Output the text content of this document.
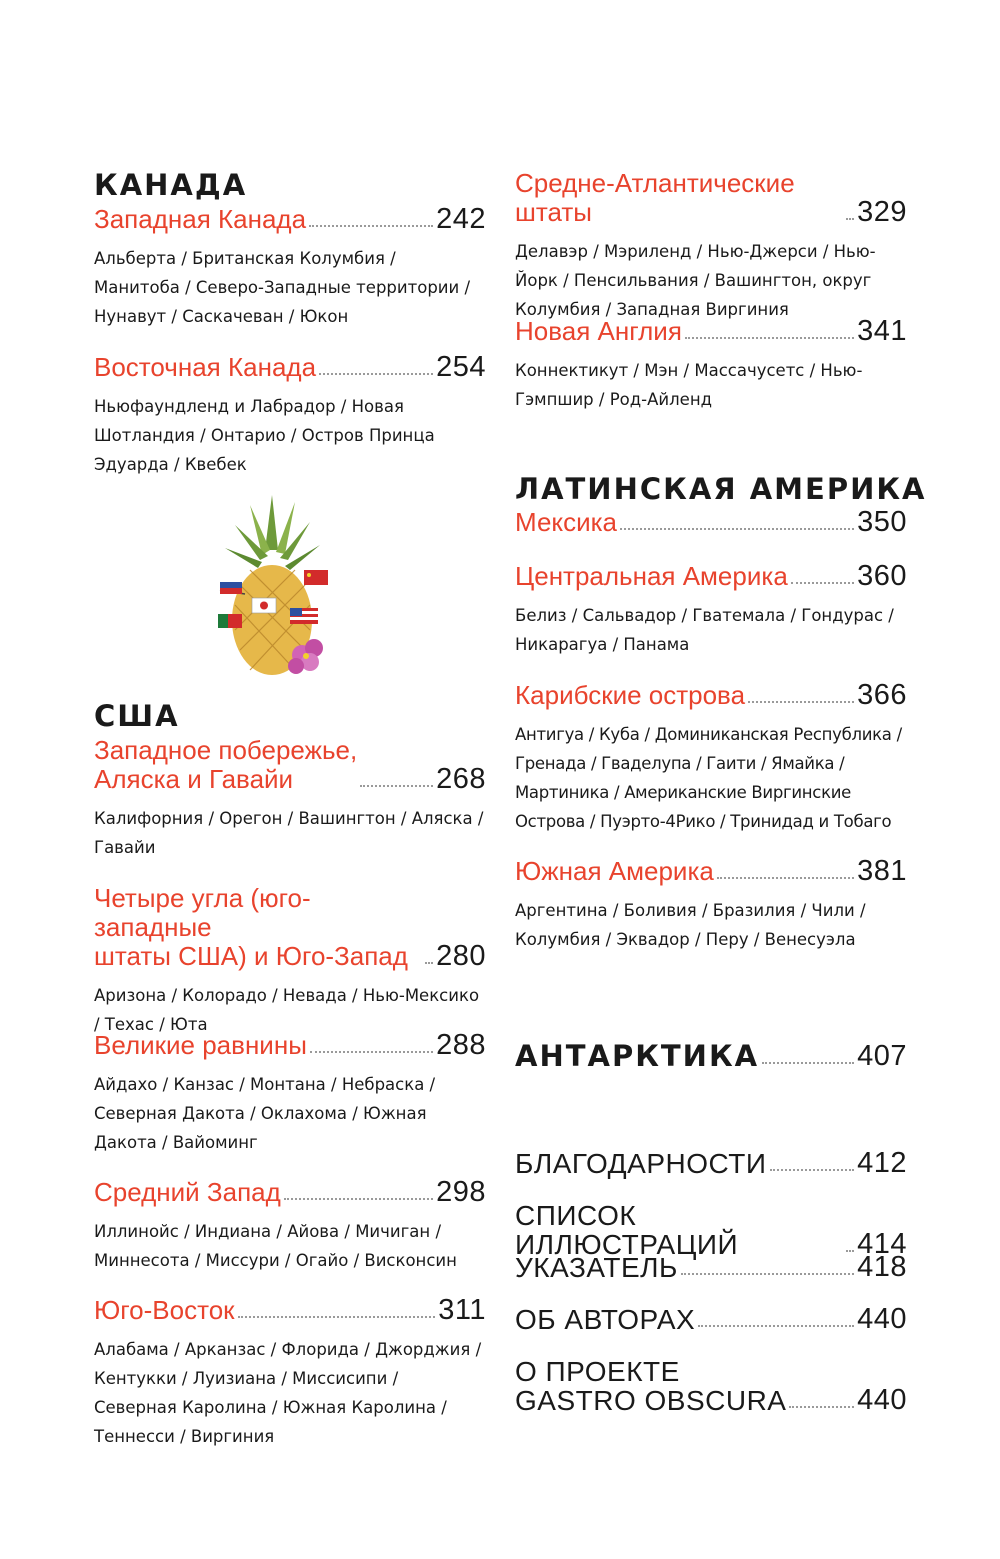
КАНАДА
Западная Канада	242
Альберта / Британская Колумбия / Манитоба / Северо-Западные территории / Нунавут / Саскачеван / Юкон
Восточная Канада	254
Ньюфаундленд и Лабрадор / Новая Шотландия / Онтарио / Остров Принца Эдуарда / Квебек
США
Западное побережье,
Аляска и Гавайи	268
Калифорния / Орегон / Вашингтон / Аляска / Гавайи
Четыре угла (юго-западные
штаты США) и Юго-Запад 280
Аризона / Колорадо / Невада / Нью-Мексико / Техас / Юта
Великие равнины	288
Айдахо / Канзас / Монтана / Небраска / Северная Дакота / Оклахома / Южная Дакота / Вайоминг
Средний Запад	298
Иллинойс / Индиана / Айова / Мичиган / Миннесота / Миссури / Огайо / Висконсин
Юго-Восток	311
Алабама / Арканзас / Флорида / Джорджия / Кентукки / Луизиана / Миссисипи / Северная Каролина / Южная Каролина / Теннесси / Виргиния
Средне-Атлантические штаты	329
Делавэр / Мэриленд / Нью-Джерси / Нью-Йорк / Пенсильвания / Вашингтон, округ Колумбия / Западная Виргиния
Новая Англия	341
Коннектикут / Мэн / Массачусетс / Нью-Гэмпшир / Род-Айленд
ЛАТИНСКАЯ АМЕРИКА
Мексика	350
Центральная Америка 360
Белиз / Сальвадор / Гватемала / Гондурас / Никарагуа / Панама
Карибские острова	366
Антигуа / Куба / Доминиканская Республика / Гренада / Гваделупа / Гаити / Ямайка / Мартиника / Американские Виргинские Острова / Пуэрто-4Рико / Тринидад и Тобаго
Южная Америка	381
Аргентина / Боливия / Бразилия / Чили / Колумбия / Эквадор / Перу / Венесуэла
АНТАРКТИКА	407
БЛАГОДАРНОСТИ	412
СПИСОК ИЛЛЮСТРАЦИЙ	414
УКАЗАТЕЛЬ	418
ОБ АВТОРАХ	440
О ПРОЕКТЕ
GASTRO OBSCURA 440
